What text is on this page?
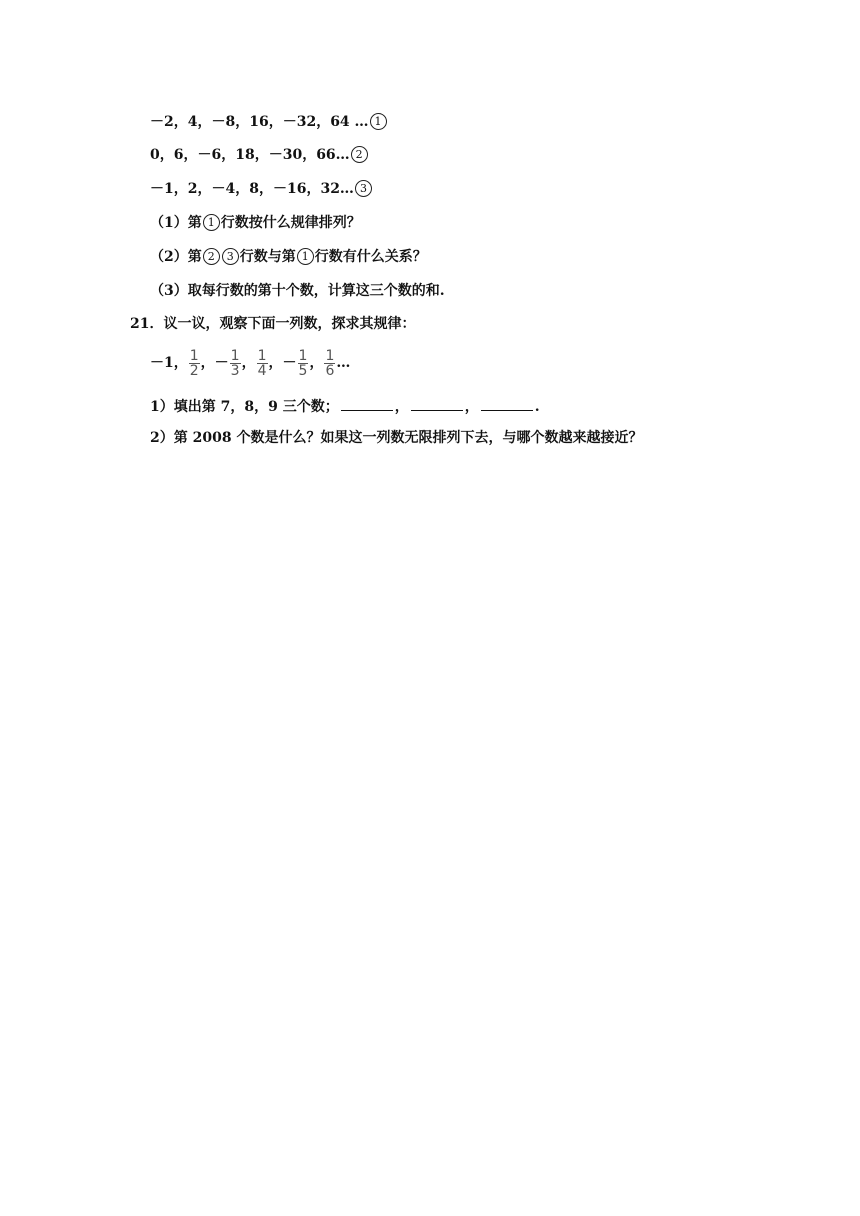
－2，4，－8，16，－32，64 … 1
0，6，－6，18，－30，66… 2
－1，2，－4，8，－16，32… 3
（1）第 1 行数按什么规律排列？
（2）第 2 3 行数与第 1 行数有什么关系？
（3）取每行数的第十个数，计算这三个数的和.
21．议一议，观察下面一列数，探求其规律：
－1， $\frac{1}{2}$ ，－ $\frac{1}{3}$ ， $\frac{1}{4}$ ，－ $\frac{1}{5}$ ， $\frac{1}{6}$ …
1）填出第 7，8，9 三个数；	，	，	.
2）第 2008 个数是什么？如果这一列数无限排列下去，与哪个数越来越接近？
